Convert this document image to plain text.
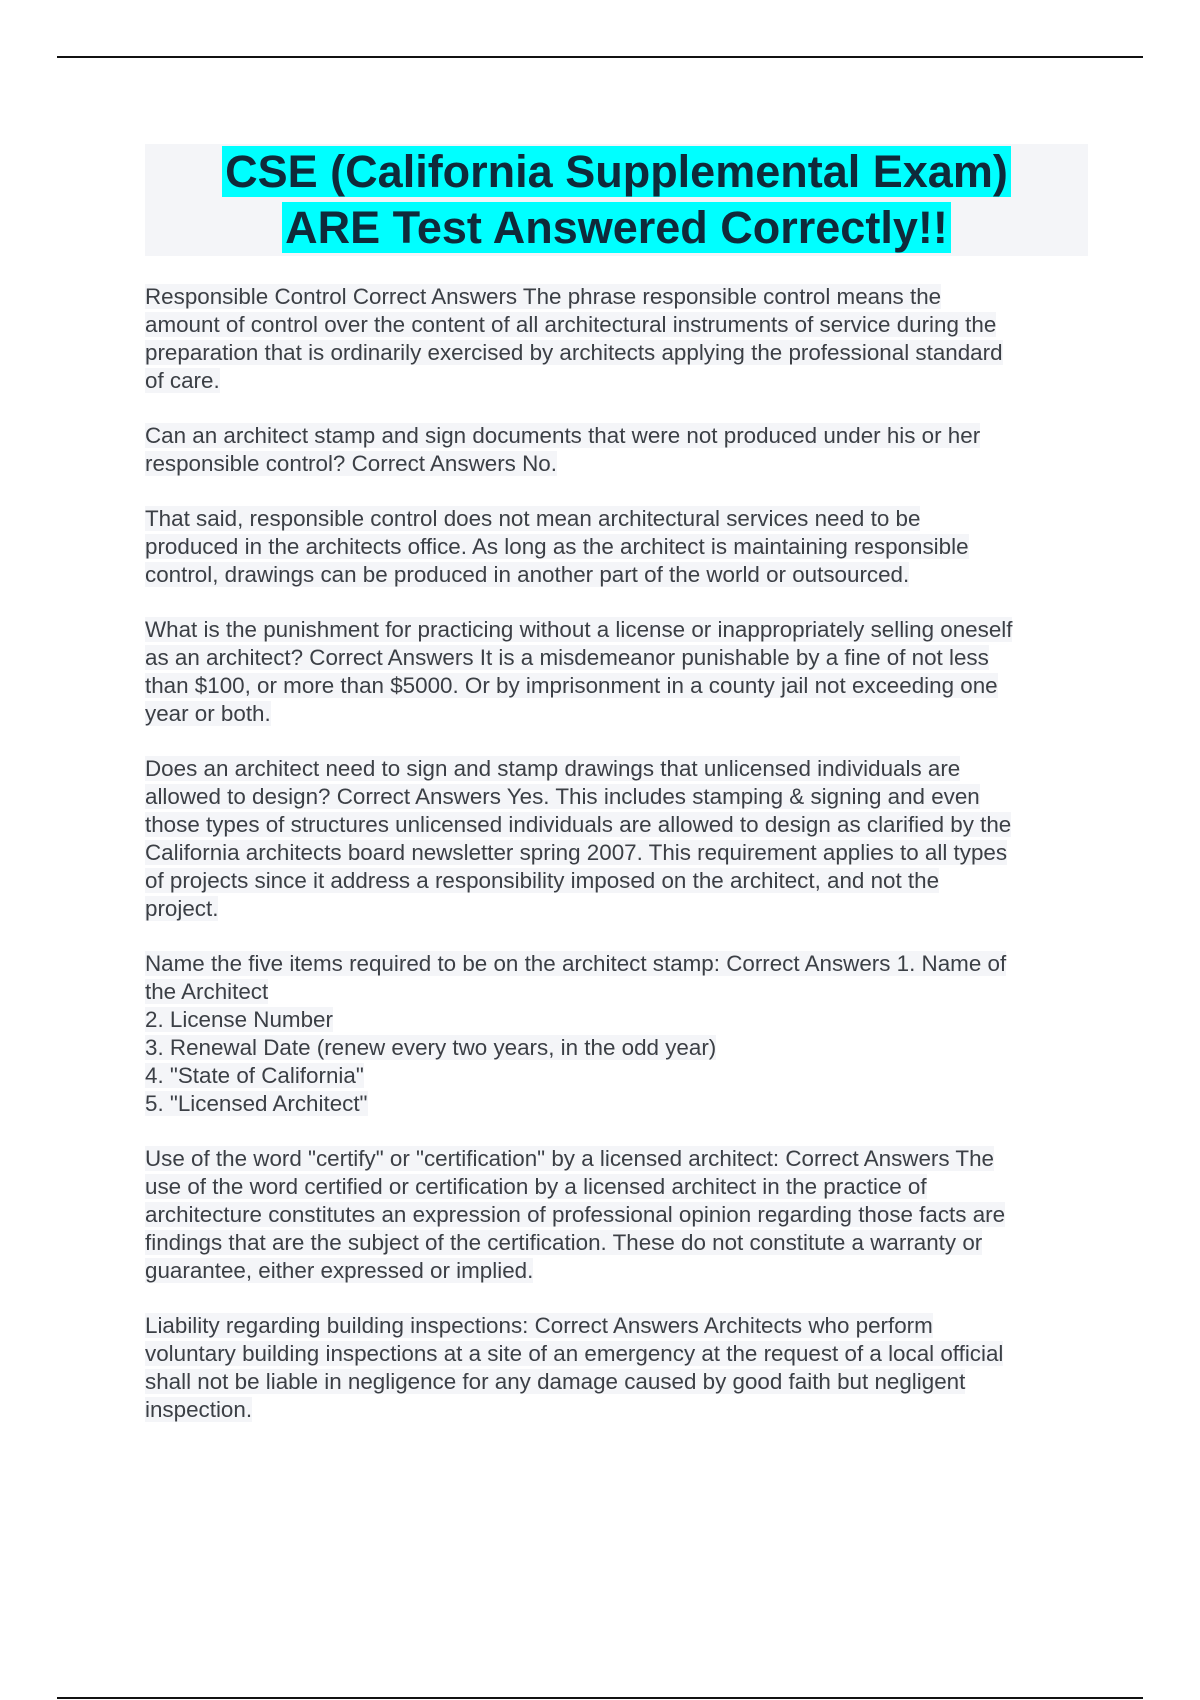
CSE (California Supplemental Exam)
ARE Test Answered Correctly!!
Responsible Control Correct Answers The phrase responsible control means the
amount of control over the content of all architectural instruments of service during the
preparation that is ordinarily exercised by architects applying the professional standard
of care.
Can an architect stamp and sign documents that were not produced under his or her
responsible control? Correct Answers No.
That said, responsible control does not mean architectural services need to be
produced in the architects office. As long as the architect is maintaining responsible
control, drawings can be produced in another part of the world or outsourced.
What is the punishment for practicing without a license or inappropriately selling oneself
as an architect? Correct Answers It is a misdemeanor punishable by a fine of not less
than $100, or more than $5000. Or by imprisonment in a county jail not exceeding one
year or both.
Does an architect need to sign and stamp drawings that unlicensed individuals are
allowed to design? Correct Answers Yes. This includes stamping & signing and even
those types of structures unlicensed individuals are allowed to design as clarified by the
California architects board newsletter spring 2007. This requirement applies to all types
of projects since it address a responsibility imposed on the architect, and not the
project.
Name the five items required to be on the architect stamp: Correct Answers 1. Name of
the Architect
2. License Number
3. Renewal Date (renew every two years, in the odd year)
4. "State of California"
5. "Licensed Architect"
Use of the word "certify" or "certification" by a licensed architect: Correct Answers The
use of the word certified or certification by a licensed architect in the practice of
architecture constitutes an expression of professional opinion regarding those facts are
findings that are the subject of the certification. These do not constitute a warranty or
guarantee, either expressed or implied.
Liability regarding building inspections: Correct Answers Architects who perform
voluntary building inspections at a site of an emergency at the request of a local official
shall not be liable in negligence for any damage caused by good faith but negligent
inspection.
